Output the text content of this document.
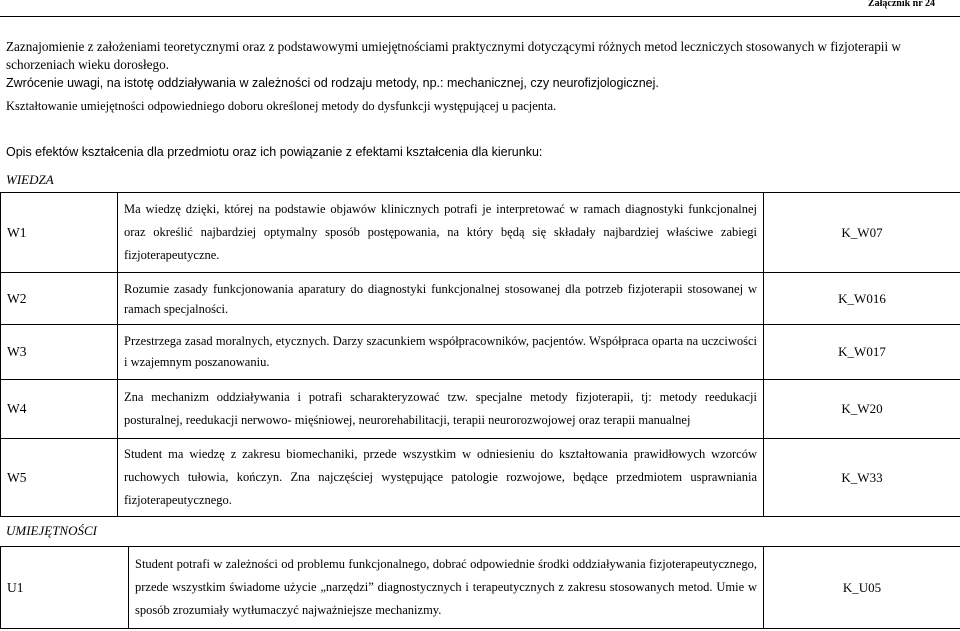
Załącznik nr 24

Zaznajomienie z założeniami teoretycznymi oraz z podstawowymi umiejętnościami praktycznymi dotyczącymi różnych metod leczniczych stosowanych w fizjoterapii w schorzeniach wieku dorosłego.

Zwrócenie uwagi, na istotę oddziaływania w zależności od rodzaju metody, np.: mechanicznej, czy neurofizjologicznej.

Kształtowanie umiejętności odpowiedniego doboru określonej metody do dysfunkcji występującej u pacjenta.

Opis efektów kształcenia dla przedmiotu oraz ich powiązanie z efektami kształcenia dla kierunku:
WIEDZA
W1	Ma wiedzę dzięki, której na podstawie objawów klinicznych potrafi je interpretować w ramach diagnostyki funkcjonalnej oraz określić najbardziej optymalny sposób postępowania, na który będą się składały najbardziej właściwe zabiegi fizjoterapeutyczne.	K_W07
W2	Rozumie zasady funkcjonowania aparatury do diagnostyki funkcjonalnej stosowanej dla potrzeb fizjoterapii stosowanej w ramach specjalności.	K_W016
W3	Przestrzega zasad moralnych, etycznych. Darzy szacunkiem współpracowników, pacjentów. Współpraca oparta na uczciwości i wzajemnym poszanowaniu.	K_W017
W4	Zna mechanizm oddziaływania i potrafi scharakteryzować tzw. specjalne metody fizjoterapii, tj: metody reedukacji posturalnej, reedukacji nerwowo- mięśniowej, neurorehabilitacji, terapii neurorozwojowej oraz terapii manualnej	K_W20
W5	Student ma wiedzę z zakresu biomechaniki, przede wszystkim w odniesieniu do kształtowania prawidłowych wzorców ruchowych tułowia, kończyn. Zna najczęściej występujące patologie rozwojowe, będące przedmiotem usprawniania fizjoterapeutycznego.	K_W33
UMIEJĘTNOŚCI
U1	Student potrafi w zależności od problemu funkcjonalnego, dobrać odpowiednie środki oddziaływania fizjoterapeutycznego, przede wszystkim świadome użycie „narzędzi” diagnostycznych i terapeutycznych z zakresu stosowanych metod. Umie w sposób zrozumiały wytłumaczyć najważniejsze mechanizmy.	K_U05
